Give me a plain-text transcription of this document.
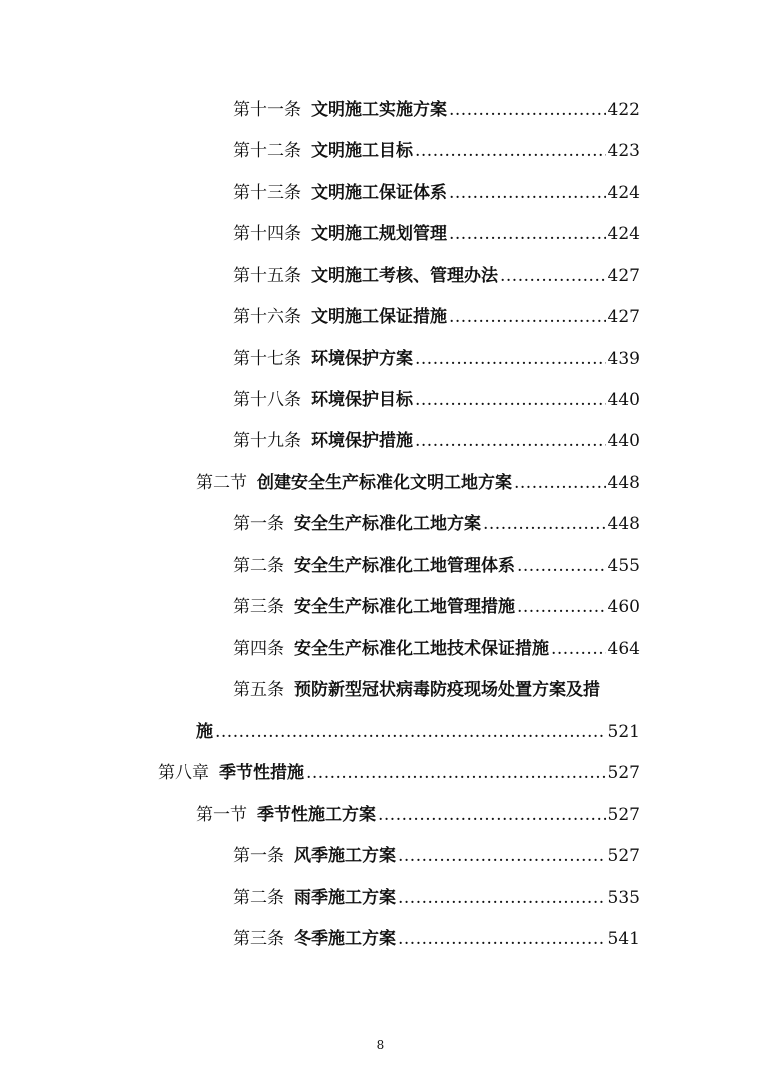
第十一条 文明施工实施方案 .....	422
第十二条 文明施工目标 .....	423
第十三条 文明施工保证体系 .....	424
第十四条 文明施工规划管理 .....	424
第十五条 文明施工考核、管理办法 .....	427
第十六条 文明施工保证措施 .....	427
第十七条 环境保护方案 .....	439
第十八条 环境保护目标 .....	440
第十九条 环境保护措施 .....	440
第二节 创建安全生产标准化文明工地方案 .....	448
第一条 安全生产标准化工地方案 .....	448
第二条 安全生产标准化工地管理体系 .....	455
第三条 安全生产标准化工地管理措施 .....	460
第四条 安全生产标准化工地技术保证措施 .....	464
第五条 预防新型冠状病毒防疫现场处置方案及措
施 .....	521
第八章 季节性措施 .....	527
第一节 季节性施工方案 .....	527
第一条 风季施工方案 .....	527
第二条 雨季施工方案 .....	535
第三条 冬季施工方案 .....	541
8
